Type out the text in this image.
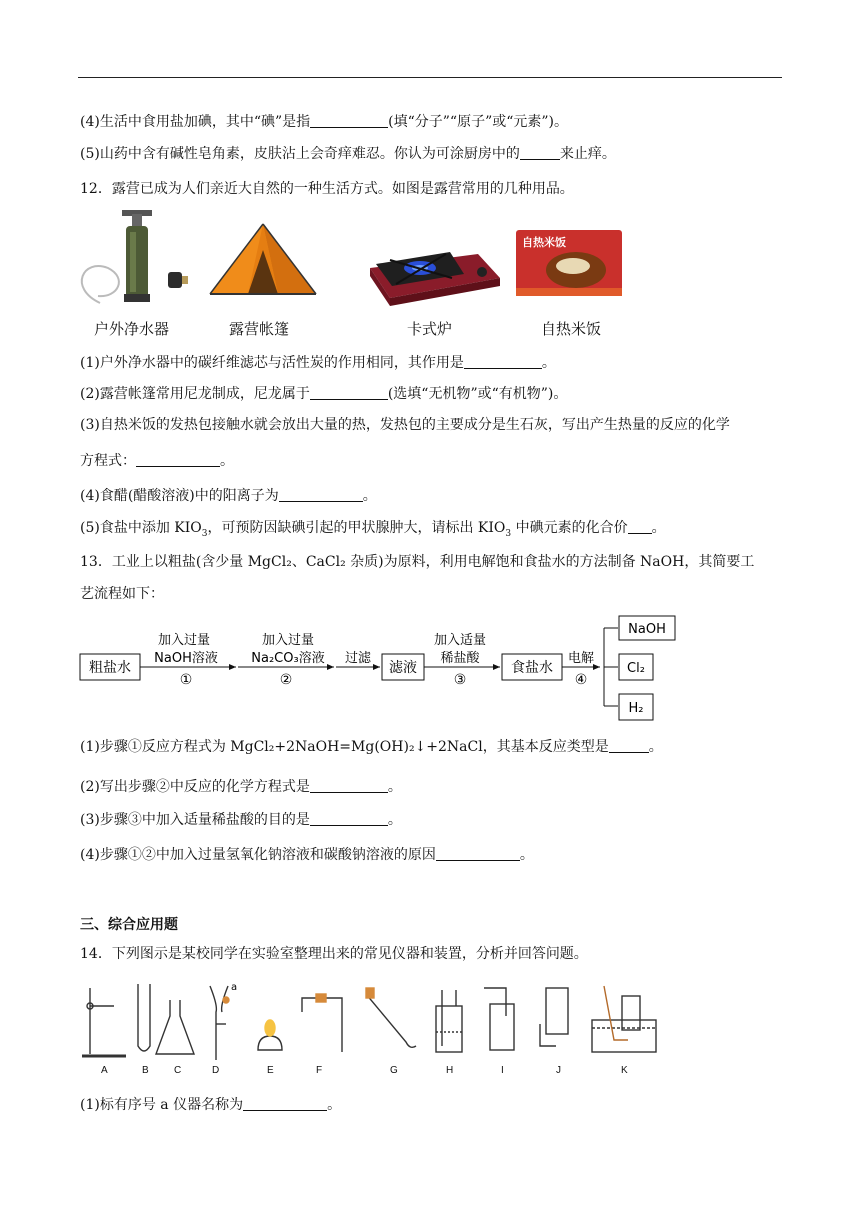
(4)生活中食用盐加碘，其中“碘”是指	(填“分子”“原子”或“元素”)。
(5)山药中含有碱性皂角素，皮肤沾上会奇痒难忍。你认为可涂厨房中的	来止痒。
12．露营已成为人们亲近大自然的一种生活方式。如图是露营常用的几种用品。
自热米饭
户外净水器	露营帐篷	卡式炉	自热米饭
(1)户外净水器中的碳纤维滤芯与活性炭的作用相同，其作用是	。
(2)露营帐篷常用尼龙制成，尼龙属于	(选填“无机物”或“有机物”)。
(3)自热米饭的发热包接触水就会放出大量的热，发热包的主要成分是生石灰，写出产生热量的反应的化学
方程式：	。
(4)食醋(醋酸溶液)中的阳离子为	。
(5)食盐中添加 $KIO_3$，可预防因缺碘引起的甲状腺肿大，请标出 $KIO_3$ 中碘元素的化合价 。
13．工业上以粗盐(含少量 MgCl₂、CaCl₂ 杂质)为原料，利用电解饱和食盐水的方法制备 NaOH，其简要工
艺流程如下：
粗盐水
加入过量
NaOH溶液
①
加入过量
Na₂CO₃溶液
②
过滤
滤液
加入适量
稀盐酸
③
食盐水
电解
④
NaOH
Cl₂
H₂
(1)步骤①反应方程式为 MgCl₂+2NaOH=Mg(OH)₂↓+2NaCl，其基本反应类型是	。
(2)写出步骤②中反应的化学方程式是	。
(3)步骤③中加入适量稀盐酸的目的是	。
(4)步骤①②中加入过量氢氧化钠溶液和碳酸钠溶液的原因	。
三、综合应用题
14．下列图示是某校同学在实验室整理出来的常见仪器和装置，分析并回答问题。
a
A	B	C	D	E	F	G	H	I	J	K
(1)标有序号 a 仪器名称为	。
